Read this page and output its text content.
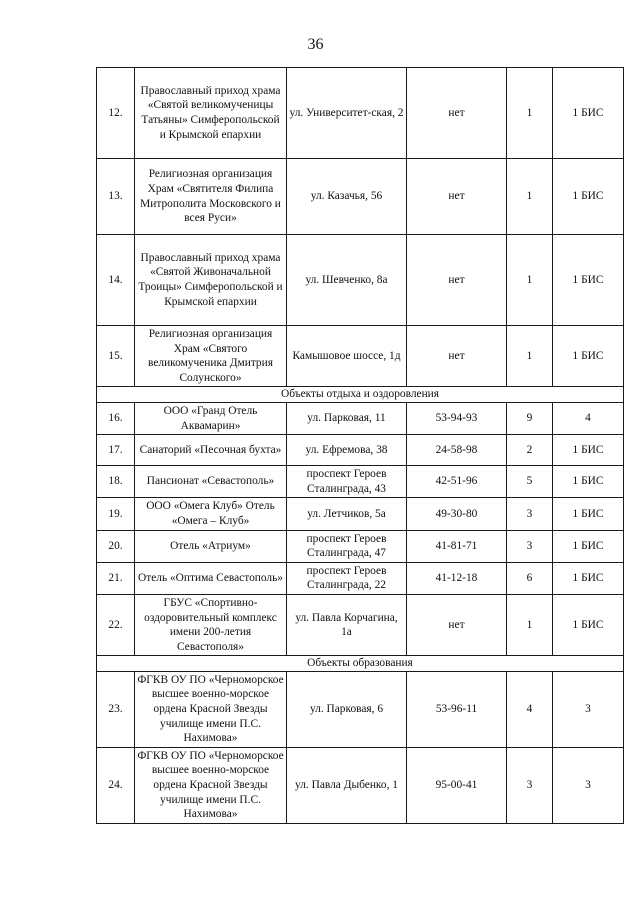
36
12.	Православный приход храма «Святой великомученицы Татьяны» Симферопольской и Крымской епархии	ул. Университет-ская, 2	нет	1	1 БИС
13.	Религиозная организация Храм «Святителя Филипа Митрополита Московского и всея Руси»	ул. Казачья, 56	нет	1	1 БИС
14.	Православный приход храма «Святой Живоначальной Троицы» Симферопольской и Крымской епархии	ул. Шевченко, 8а	нет	1	1 БИС
15.	Религиозная организация Храм «Святого великомученика Дмитрия Солунского»	Камышовое шоссе, 1д	нет	1	1 БИС
Объекты отдыха и оздоровления					
16.	ООО «Гранд Отель Аквамарин»	ул. Парковая, 11	53-94-93	9	4
17.	Санаторий «Песочная бухта»	ул. Ефремова, 38	24-58-98	2	1 БИС
18.	Пансионат «Севастополь»	проспект Героев Сталинграда, 43	42-51-96	5	1 БИС
19.	ООО «Омега Клуб» Отель «Омега – Клуб»	ул. Летчиков, 5а	49-30-80	3	1 БИС
20.	Отель «Атриум»	проспект Героев Сталинграда, 47	41-81-71	3	1 БИС
21.	Отель «Оптима Севастополь»	проспект Героев Сталинграда, 22	41-12-18	6	1 БИС
22.	ГБУС «Спортивно-оздоровительный комплекс имени 200-летия Севастополя»	ул. Павла Корчагина, 1а	нет	1	1 БИС
Объекты образования					
23.	ФГКВ ОУ ПО «Черноморское высшее военно-морское ордена Красной Звезды училище имени П.С. Нахимова»	ул. Парковая, 6	53-96-11	4	3
24.	ФГКВ ОУ ПО «Черноморское высшее военно-морское ордена Красной Звезды училище имени П.С. Нахимова»	ул. Павла Дыбенко, 1	95-00-41	3	3
